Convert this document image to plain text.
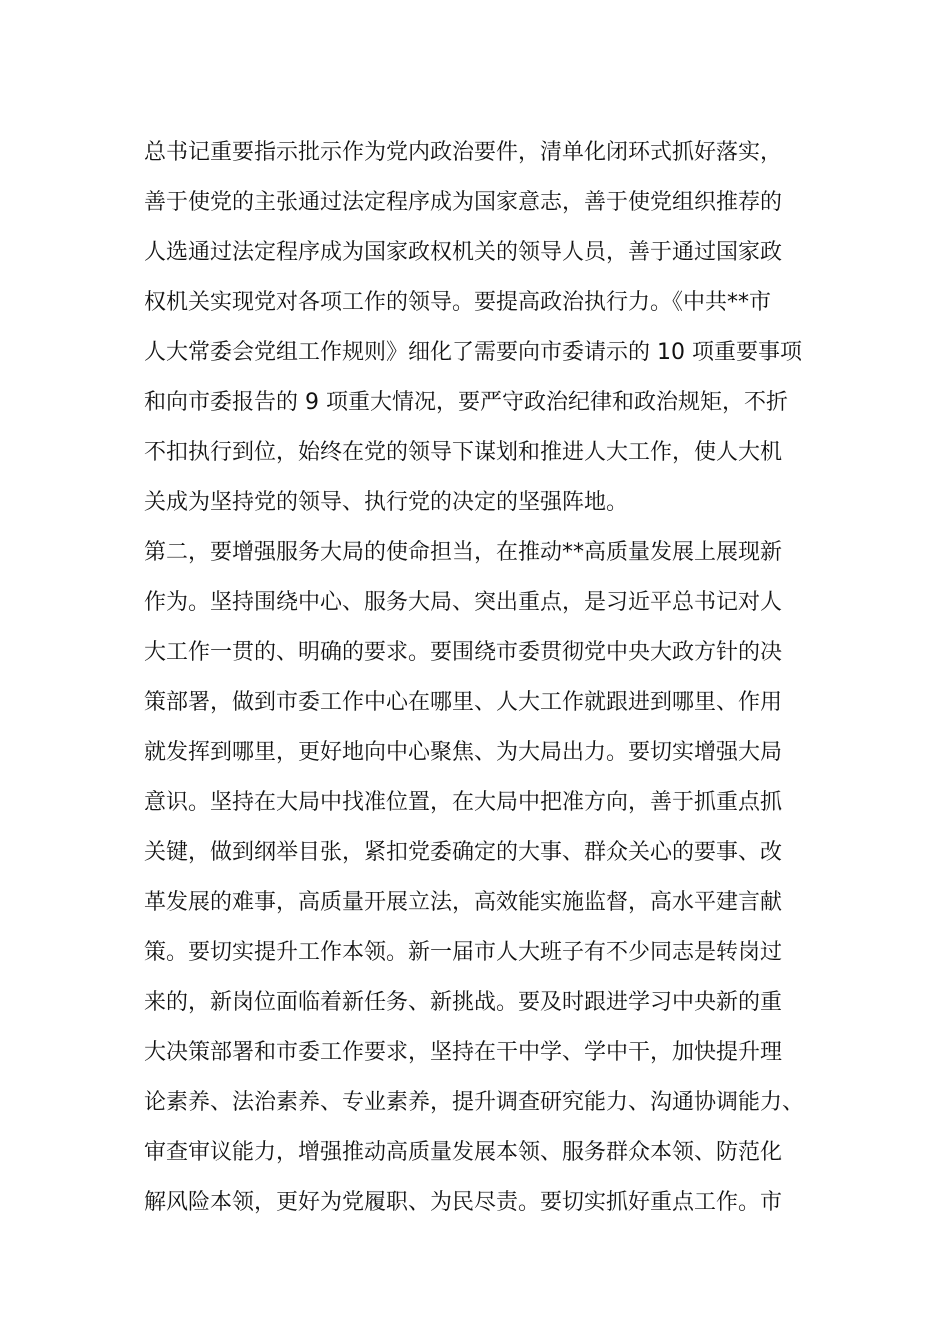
总书记重要指示批示作为党内政治要件，清单化闭环式抓好落实，
善于使党的主张通过法定程序成为国家意志，善于使党组织推荐的
人选通过法定程序成为国家政权机关的领导人员，善于通过国家政
权机关实现党对各项工作的领导。要提高政治执行力。《中共**市
人大常委会党组工作规则》细化了需要向市委请示的 10 项重要事项
和向市委报告的 9 项重大情况，要严守政治纪律和政治规矩，不折
不扣执行到位，始终在党的领导下谋划和推进人大工作，使人大机
关成为坚持党的领导、执行党的决定的坚强阵地。
第二，要增强服务大局的使命担当，在推动**高质量发展上展现新
作为。坚持围绕中心、服务大局、突出重点，是习近平总书记对人
大工作一贯的、明确的要求。要围绕市委贯彻党中央大政方针的决
策部署，做到市委工作中心在哪里、人大工作就跟进到哪里、作用
就发挥到哪里，更好地向中心聚焦、为大局出力。要切实增强大局
意识。坚持在大局中找准位置，在大局中把准方向，善于抓重点抓
关键，做到纲举目张，紧扣党委确定的大事、群众关心的要事、改
革发展的难事，高质量开展立法，高效能实施监督，高水平建言献
策。要切实提升工作本领。新一届市人大班子有不少同志是转岗过
来的，新岗位面临着新任务、新挑战。要及时跟进学习中央新的重
大决策部署和市委工作要求，坚持在干中学、学中干，加快提升理
论素养、法治素养、专业素养，提升调查研究能力、沟通协调能力、
审查审议能力，增强推动高质量发展本领、服务群众本领、防范化
解风险本领，更好为党履职、为民尽责。要切实抓好重点工作。市
